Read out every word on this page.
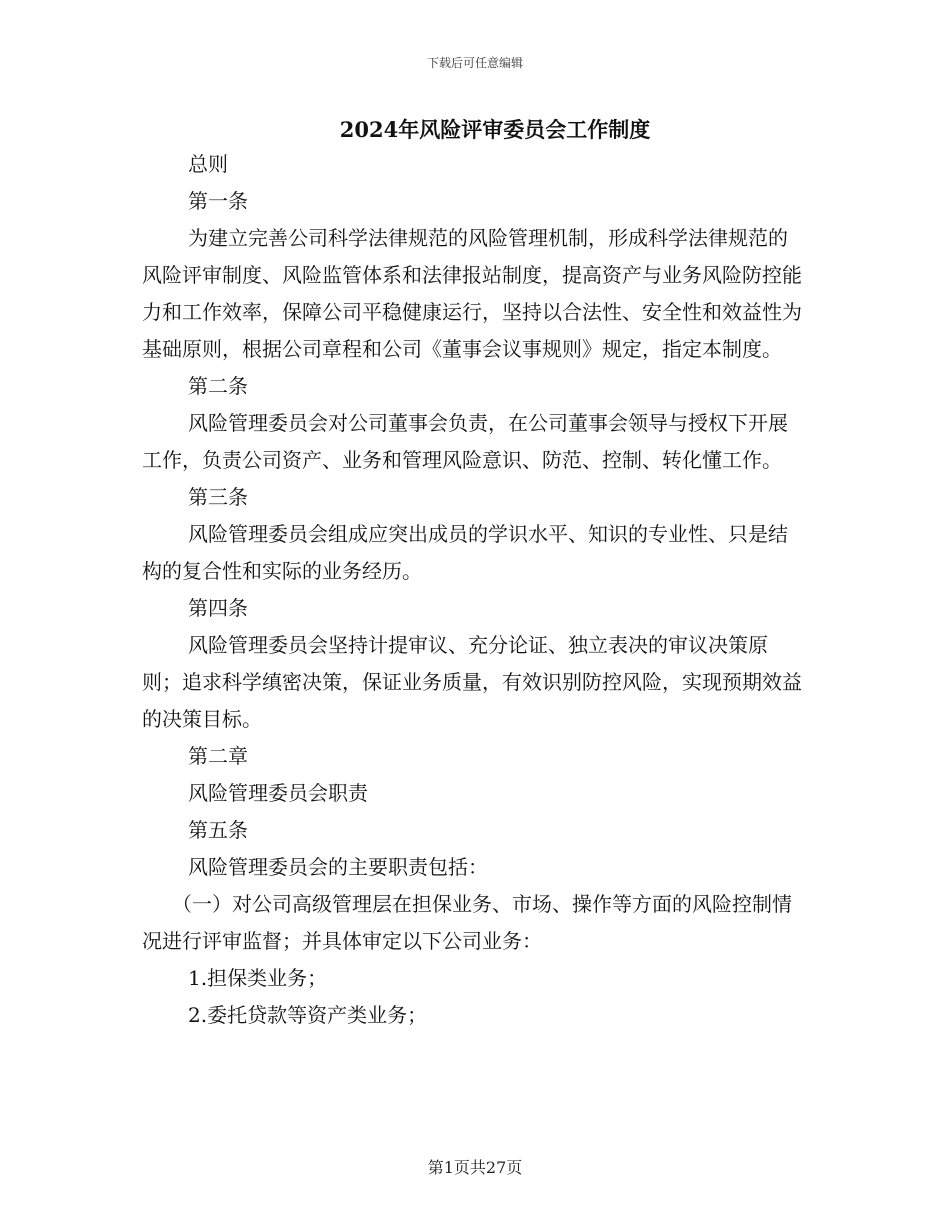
下载后可任意编辑
2024年风险评审委员会工作制度

总则

第一条

为建立完善公司科学法律规范的风险管理机制，形成科学法律规范的风险评审制度、风险监管体系和法律报站制度，提高资产与业务风险防控能力和工作效率，保障公司平稳健康运行，坚持以合法性、安全性和效益性为基础原则，根据公司章程和公司《董事会议事规则》规定，指定本制度。

第二条

风险管理委员会对公司董事会负责，在公司董事会领导与授权下开展工作，负责公司资产、业务和管理风险意识、防范、控制、转化懂工作。

第三条

风险管理委员会组成应突出成员的学识水平、知识的专业性、只是结构的复合性和实际的业务经历。

第四条

风险管理委员会坚持计提审议、充分论证、独立表决的审议决策原则；追求科学缜密决策，保证业务质量，有效识别防控风险，实现预期效益的决策目标。

第二章

风险管理委员会职责

第五条

风险管理委员会的主要职责包括：

（一）对公司高级管理层在担保业务、市场、操作等方面的风险控制情况进行评审监督；并具体审定以下公司业务：

1.担保类业务；

2.委托贷款等资产类业务；

第1页共27页
